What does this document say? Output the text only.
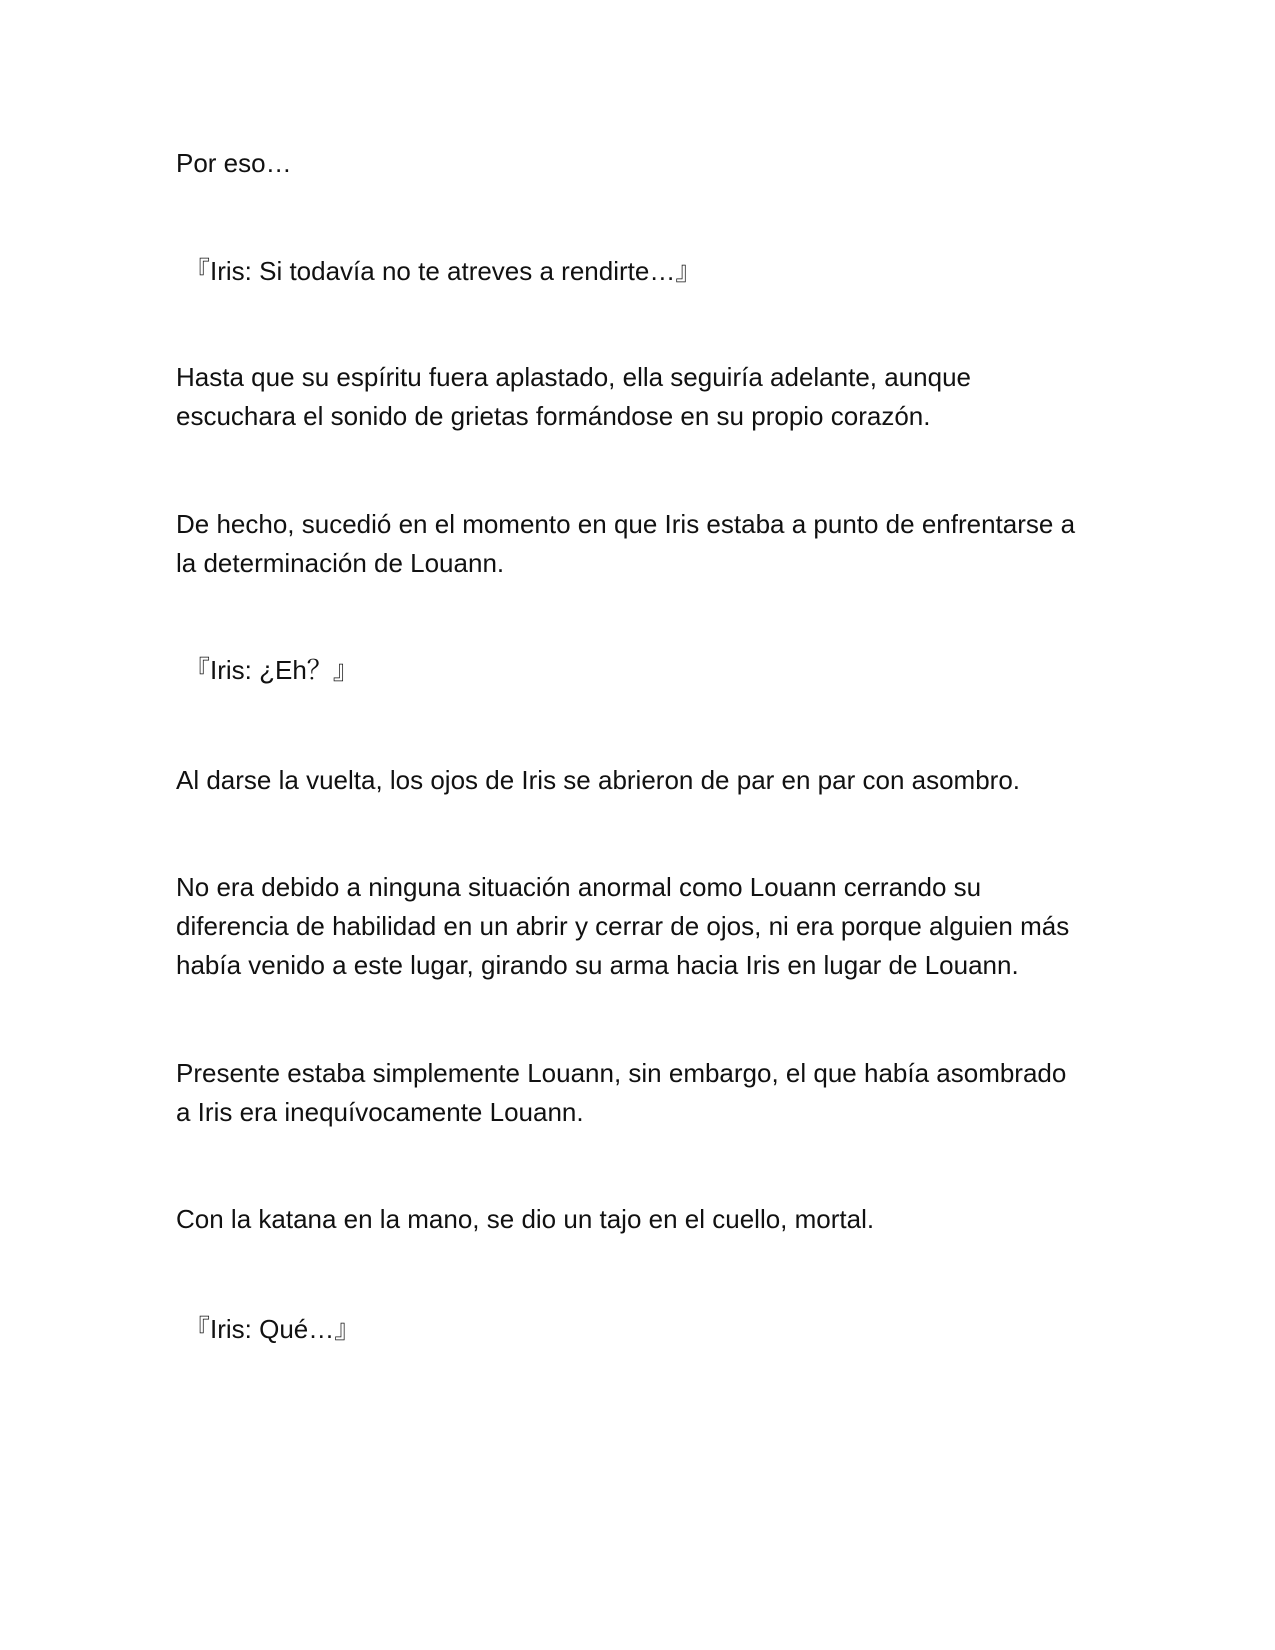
Por eso…

『Iris: Si todavía no te atreves a rendirte…』

Hasta que su espíritu fuera aplastado, ella seguiría adelante, aunque
escuchara el sonido de grietas formándose en su propio corazón.

De hecho, sucedió en el momento en que Iris estaba a punto de enfrentarse a
la determinación de Louann.

『Iris: ¿Eh？』

Al darse la vuelta, los ojos de Iris se abrieron de par en par con asombro.

No era debido a ninguna situación anormal como Louann cerrando su
diferencia de habilidad en un abrir y cerrar de ojos, ni era porque alguien más
había venido a este lugar, girando su arma hacia Iris en lugar de Louann.

Presente estaba simplemente Louann, sin embargo, el que había asombrado
a Iris era inequívocamente Louann.

Con la katana en la mano, se dio un tajo en el cuello, mortal.

『Iris: Qué…』
